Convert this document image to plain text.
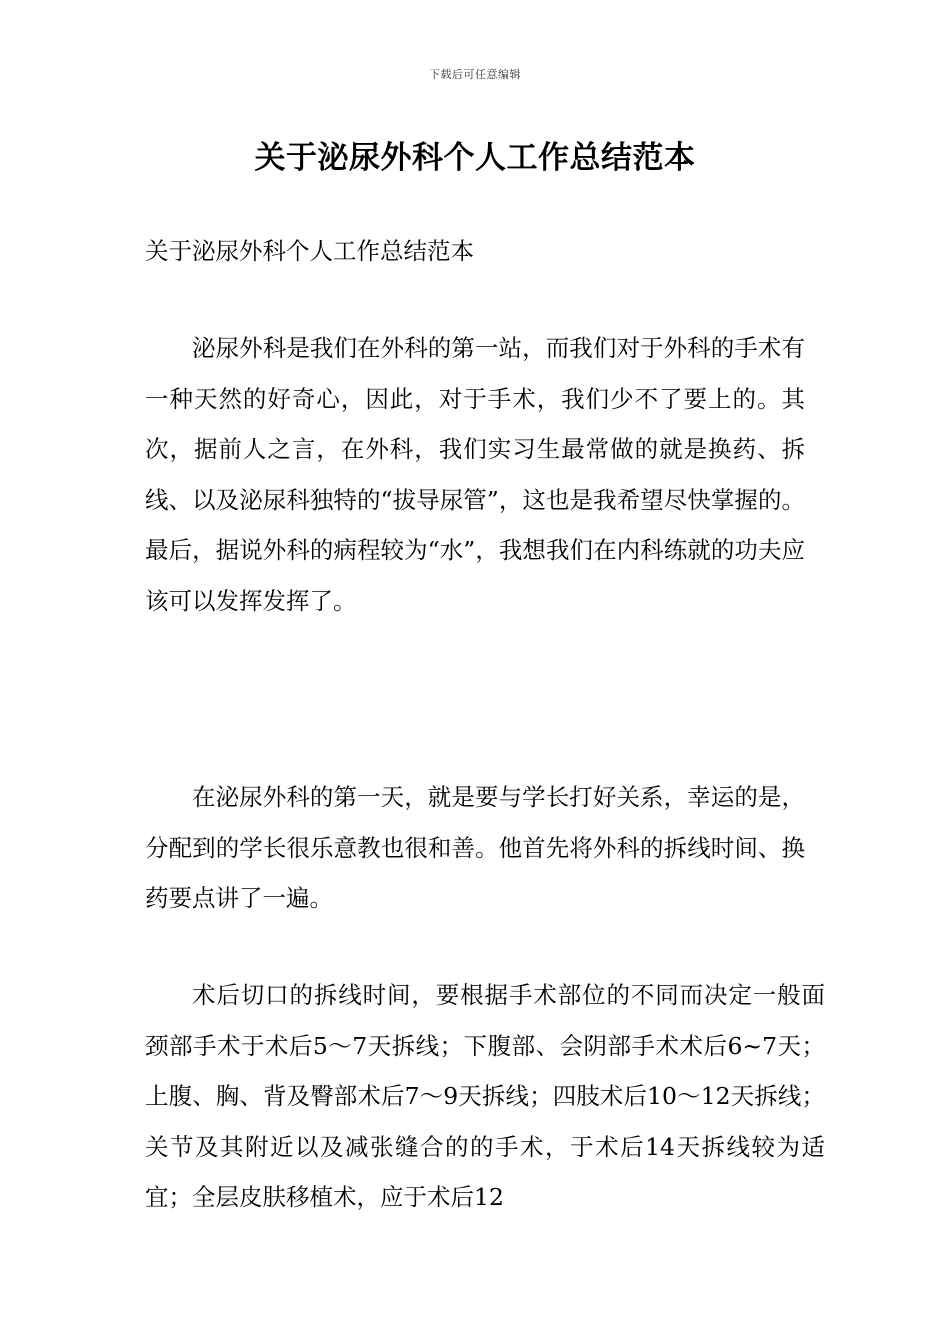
下载后可任意编辑
关于泌尿外科个人工作总结范本
关于泌尿外科个人工作总结范本

泌尿外科是我们在外科的第一站，而我们对于外科的手术有一种天然的好奇心，因此，对于手术，我们少不了要上的。其次，据前人之言，在外科，我们实习生最常做的就是换药、拆线、以及泌尿科独特的“拔导尿管”，这也是我希望尽快掌握的。最后，据说外科的病程较为“水”，我想我们在内科练就的功夫应该可以发挥发挥了。

在泌尿外科的第一天，就是要与学长打好关系，幸运的是，分配到的学长很乐意教也很和善。他首先将外科的拆线时间、换药要点讲了一遍。

术后切口的拆线时间，要根据手术部位的不同而决定一般面颈部手术于术后5～7天拆线；下腹部、会阴部手术术后6~7天；上腹、胸、背及臀部术后7～9天拆线；四肢术后10～12天拆线；关节及其附近以及减张缝合的的手术，于术后14天拆线较为适宜；全层皮肤移植术，应于术后12
